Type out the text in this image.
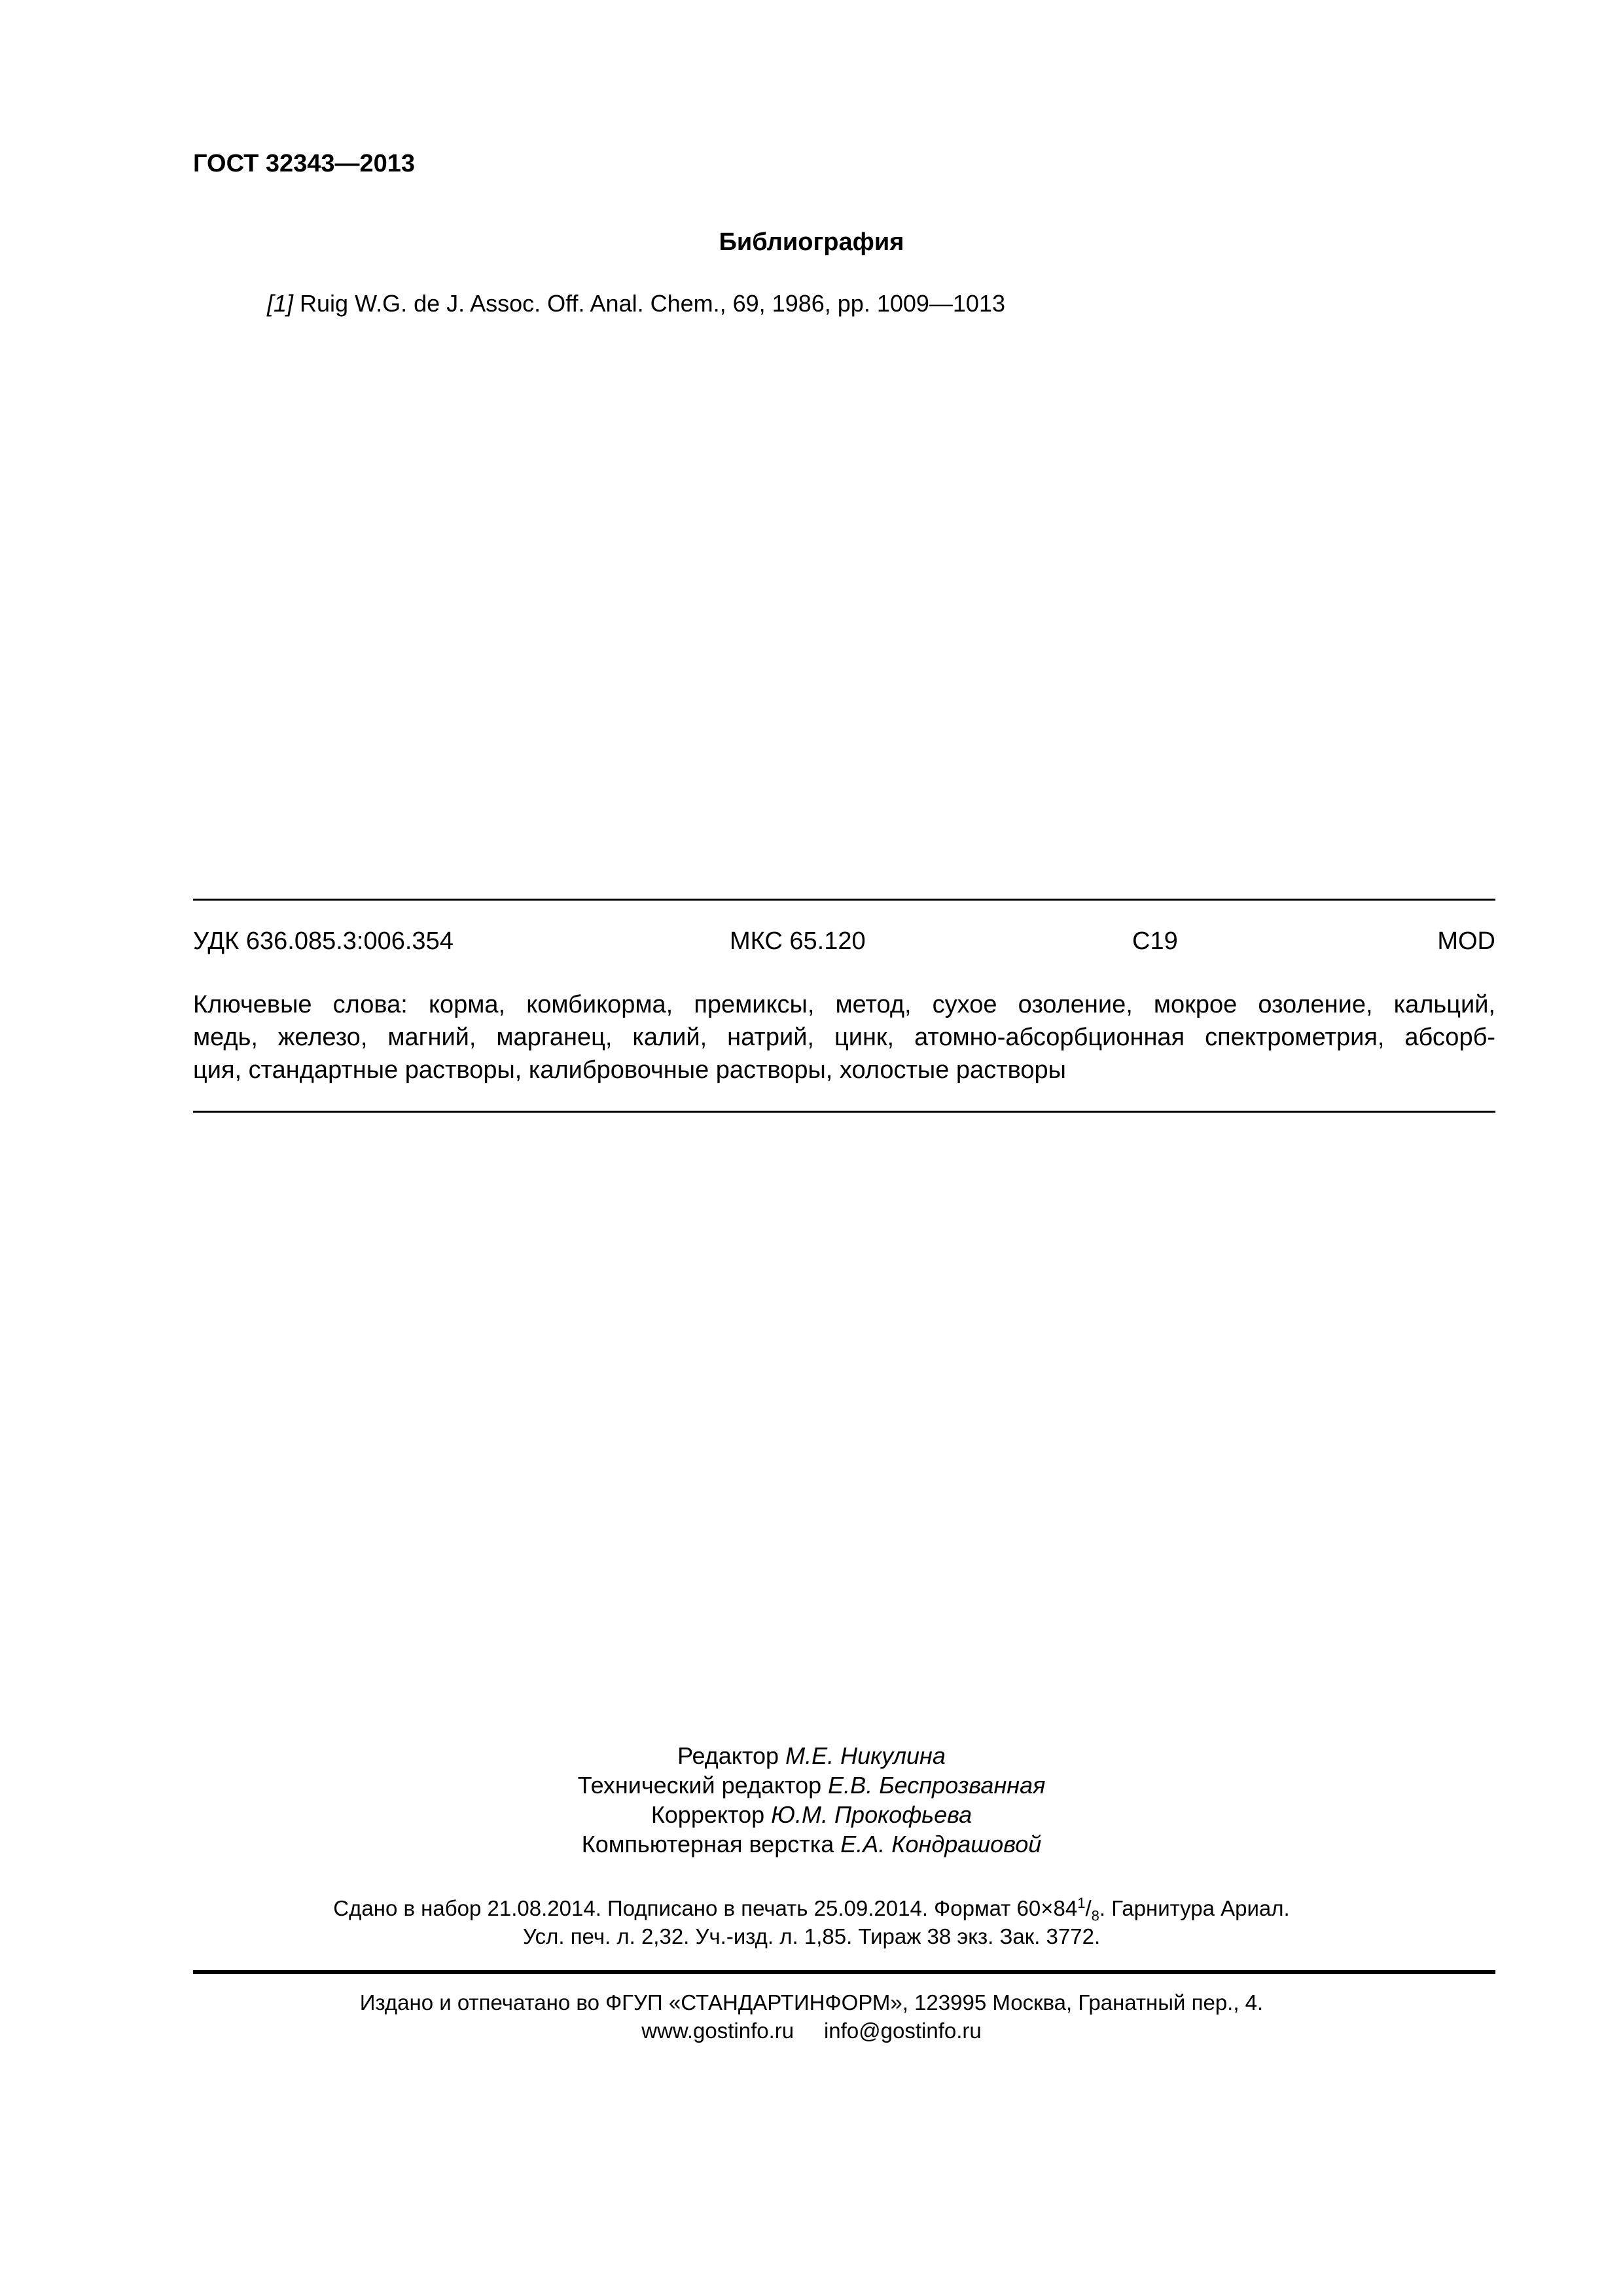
ГОСТ 32343—2013
Библиография
[1] Ruig W.G. de J. Assoc. Off. Anal. Chem., 69, 1986, pp. 1009—1013
УДК 636.085.3:006.354	МКС 65.120	C19	MOD
Ключевые слова: корма, комбикорма, премиксы, метод, сухое озоление, мокрое озоление, кальций,
медь, железо, магний, марганец, калий, натрий, цинк, атомно-абсорбционная спектрометрия, абсорб-
ция, стандартные растворы, калибровочные растворы, холостые растворы
Редактор М.Е. Никулина
Технический редактор Е.В. Беспрозванная
Корректор Ю.М. Прокофьева
Компьютерная верстка Е.А. Кондрашовой
Сдано в набор 21.08.2014. Подписано в печать 25.09.2014. Формат $60\times 84^1/_8$. Гарнитура Ариал.
Усл. печ. л. 2,32. Уч.-изд. л. 1,85. Тираж 38 экз. Зак. 3772.
Издано и отпечатано во ФГУП «СТАНДАРТИНФОРМ», 123995 Москва, Гранатный пер., 4.
www.gostinfo.ru     info@gostinfo.ru
